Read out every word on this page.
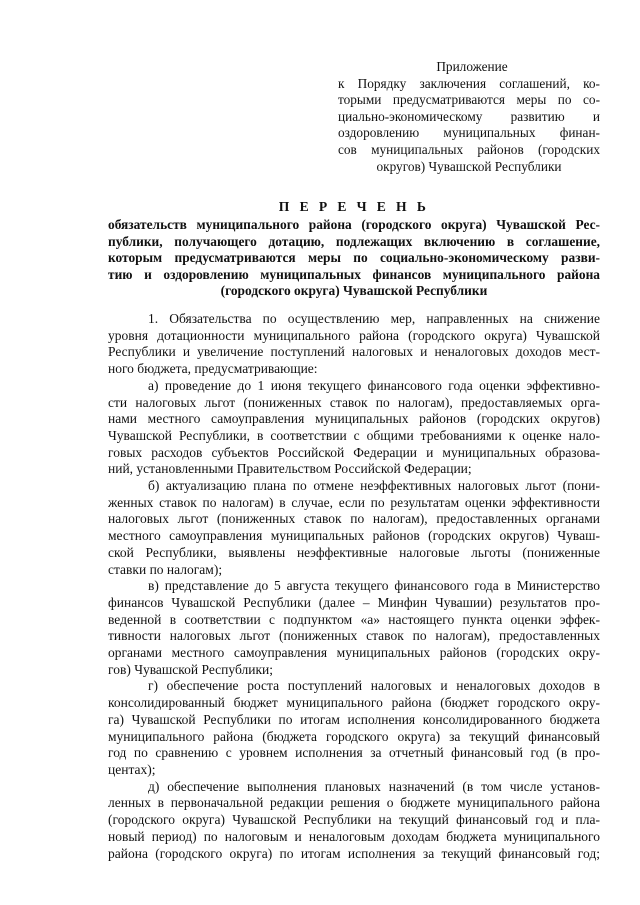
Приложение
к Порядку заключения соглашений, ко-
торыми предусматриваются меры по со-
циально-экономическому развитию и
оздоровлению муниципальных финан-
сов муниципальных районов (городских
округов) Чувашской Республики
П Е Р Е Ч Е Н Ь
обязательств муниципального района (городского округа) Чувашской Рес-
публики, получающего дотацию, подлежащих включению в соглашение,
которым предусматриваются меры по социально-экономическому разви-
тию и оздоровлению муниципальных финансов муниципального района
(городского округа) Чувашской Республики
1. Обязательства по осуществлению мер, направленных на снижение
уровня дотационности муниципального района (городского округа) Чувашской
Республики и увеличение поступлений налоговых и неналоговых доходов мест-
ного бюджета, предусматривающие:
а) проведение до 1 июня текущего финансового года оценки эффективно-
сти налоговых льгот (пониженных ставок по налогам), предоставляемых орга-
нами местного самоуправления муниципальных районов (городских округов)
Чувашской Республики, в соответствии с общими требованиями к оценке нало-
говых расходов субъектов Российской Федерации и муниципальных образова-
ний, установленными Правительством Российской Федерации;
б) актуализацию плана по отмене неэффективных налоговых льгот (пони-
женных ставок по налогам) в случае, если по результатам оценки эффективности
налоговых льгот (пониженных ставок по налогам), предоставленных органами
местного самоуправления муниципальных районов (городских округов) Чуваш-
ской Республики, выявлены неэффективные налоговые льготы (пониженные
ставки по налогам);
в) представление до 5 августа текущего финансового года в Министерство
финансов Чувашской Республики (далее – Минфин Чувашии) результатов про-
веденной в соответствии с подпунктом «а» настоящего пункта оценки эффек-
тивности налоговых льгот (пониженных ставок по налогам), предоставленных
органами местного самоуправления муниципальных районов (городских окру-
гов) Чувашской Республики;
г) обеспечение роста поступлений налоговых и неналоговых доходов в
консолидированный бюджет муниципального района (бюджет городского окру-
га) Чувашской Республики по итогам исполнения консолидированного бюджета
муниципального района (бюджета городского округа) за текущий финансовый
год по сравнению с уровнем исполнения за отчетный финансовый год (в про-
центах);
д) обеспечение выполнения плановых назначений (в том числе установ-
ленных в первоначальной редакции решения о бюджете муниципального района
(городского округа) Чувашской Республики на текущий финансовый год и пла-
новый период) по налоговым и неналоговым доходам бюджета муниципального
района (городского округа) по итогам исполнения за текущий финансовый год;
